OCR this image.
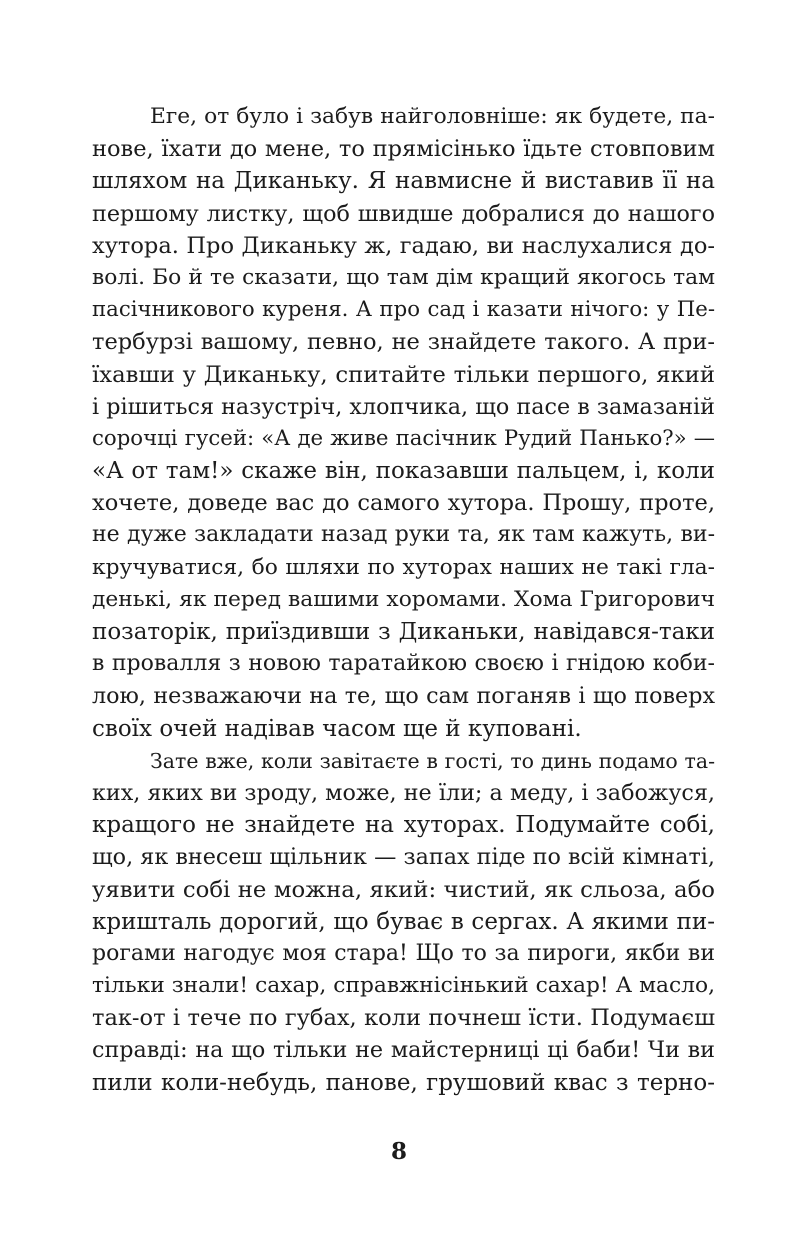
Еге, от було і забув найголовніше: як будете, па-
нове, їхати до мене, то прямісінько їдьте стовповим
шляхом на Диканьку. Я навмисне й виставив її на
першому листку, щоб швидше добралися до нашого
хутора. Про Диканьку ж, гадаю, ви наслухалися до-
волі. Бо й те сказати, що там дім кращий якогось там
пасічникового куреня. А про сад і казати нічого: у Пе-
тербурзі вашому, певно, не знайдете такого. А при-
їхавши у Диканьку, спитайте тільки першого, який
і рішиться назустріч, хлопчика, що пасе в замазаній
сорочці гусей: «А де живе пасічник Рудий Панько?» —
«А от там!» скаже він, показавши пальцем, і, коли
хочете, доведе вас до самого хутора. Прошу, проте,
не дуже закладати назад руки та, як там кажуть, ви-
кручуватися, бо шляхи по хуторах наших не такі гла-
денькі, як перед вашими хоромами. Хома Григорович
позаторік, приїздивши з Диканьки, навідався-таки
в провалля з новою таратайкою своєю і гнідою коби-
лою, незважаючи на те, що сам поганяв і що поверх
своїх очей надівав часом ще й куповані.
Зате вже, коли завітаєте в гості, то динь подамо та-
ких, яких ви зроду, може, не їли; а меду, і забожуся,
кращого не знайдете на хуторах. Подумайте собі,
що, як внесеш щільник — запах піде по всій кімнаті,
уявити собі не можна, який: чистий, як сльоза, або
кришталь дорогий, що буває в сергах. А якими пи-
рогами нагодує моя стара! Що то за пироги, якби ви
тільки знали! сахар, справжнісінький сахар! А масло,
так-от і тече по губах, коли почнеш їсти. Подумаєш
справді: на що тільки не майстерниці ці баби! Чи ви
пили коли-небудь, панове, грушовий квас з терно-
8
